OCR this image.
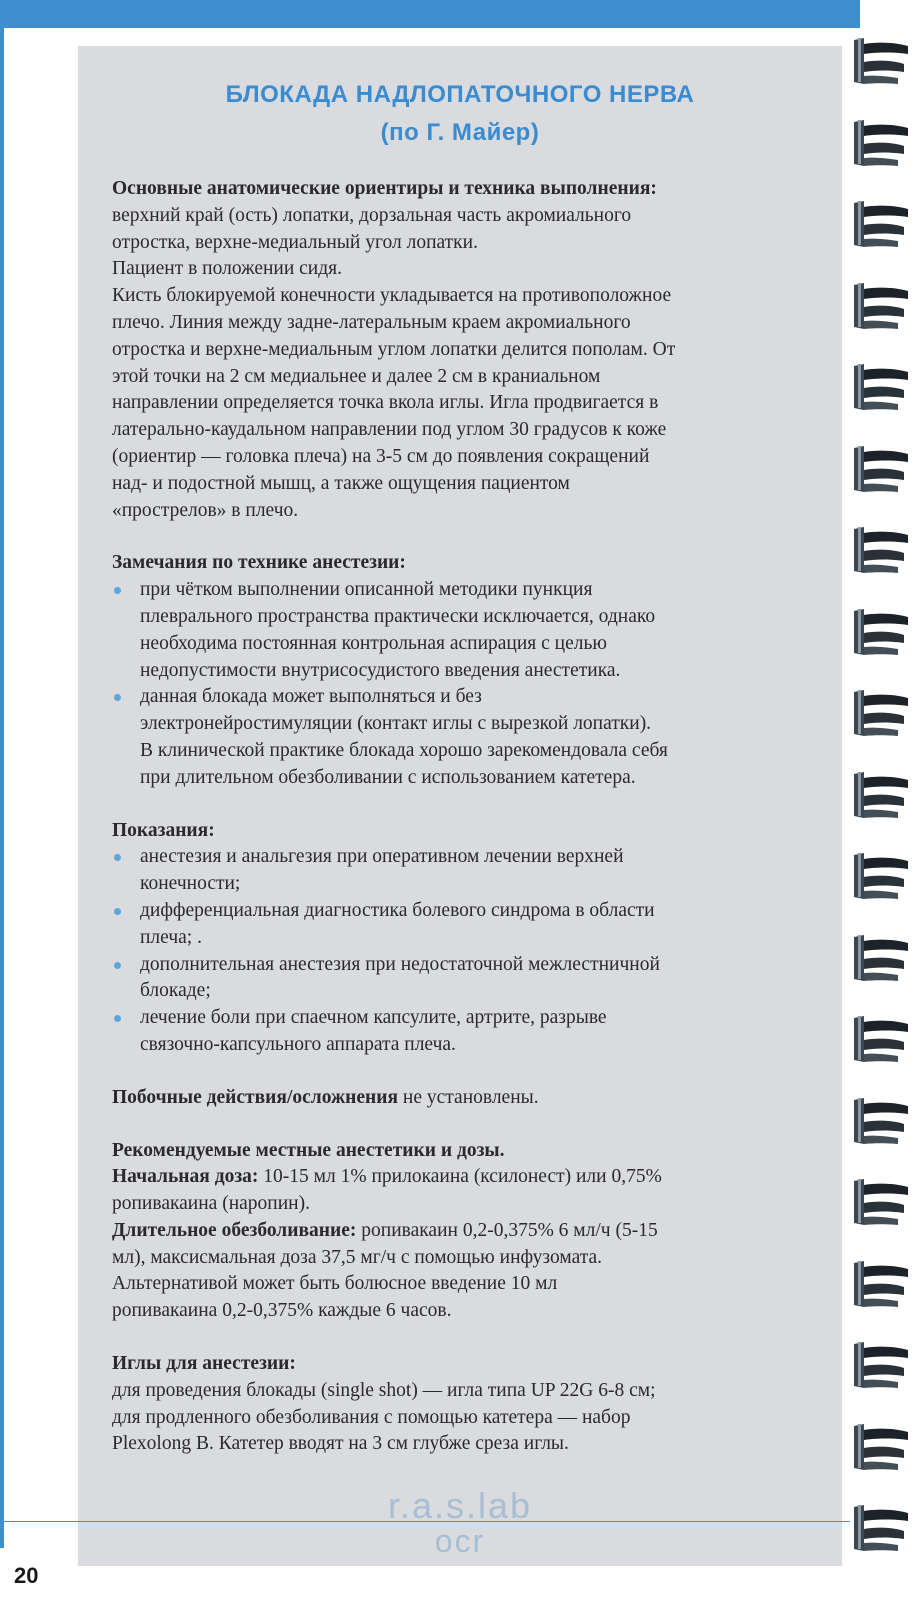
БЛОКАДА НАДЛОПАТОЧНОГО НЕРВА
(по Г. Майер)

Основные анатомические ориентиры и техника выполнения:

верхний край (ость) лопатки, дорзальная часть акромиального

отростка, верхне-медиальный угол лопатки.

Пациент в положении сидя.

Кисть блокируемой конечности укладывается на противоположное

плечо. Линия между задне-латеральным краем акромиального

отростка и верхне-медиальным углом лопатки делится пополам. От

этой точки на 2 см медиальнее и далее 2 см в краниальном

направлении определяется точка вкола иглы. Игла продвигается в

латерально-каудальном направлении под углом 30 градусов к коже

(ориентир — головка плеча) на 3-5 см до появления сокращений

над- и подостной мышц, а также ощущения пациентом

«прострелов» в плечо.

Замечания по технике анестезии:

при чётком выполнении описанной методики пункция

плеврального пространства практически исключается, однако

необходима постоянная контрольная аспирация с целью

недопустимости внутрисосудистого введения анестетика.

данная блокада может выполняться и без

электронейростимуляции (контакт иглы с вырезкой лопатки).

В клинической практике блокада хорошо зарекомендовала себя

при длительном обезболивании с использованием катетера.

Показания:

анестезия и анальгезия при оперативном лечении верхней

конечности;

дифференциальная диагностика болевого синдрома в области

плеча; .

дополнительная анестезия при недостаточной межлестничной

блокаде;

лечение боли при спаечном капсулите, артрите, разрыве

связочно-капсульного аппарата плеча.

Побочные действия/осложнения не установлены.

Рекомендуемые местные анестетики и дозы.

Начальная доза: 10-15 мл 1% прилокаина (ксилонест) или 0,75%

ропивакаина (наропин).

Длительное обезболивание: ропивакаин 0,2-0,375% 6 мл/ч (5-15

мл), максисмальная доза 37,5 мг/ч с помощью инфузомата.

Альтернативой может быть болюсное введение 10 мл

ропивакаина 0,2-0,375% каждые 6 часов.

Иглы для анестезии:

для проведения блокады (single shot) — игла типа UP 22G 6-8 см;

для продленного обезболивания с помощью катетера — набор

Plexolong B. Катетер вводят на 3 см глубже среза иглы.

r.a.s.lab
ocr
20
